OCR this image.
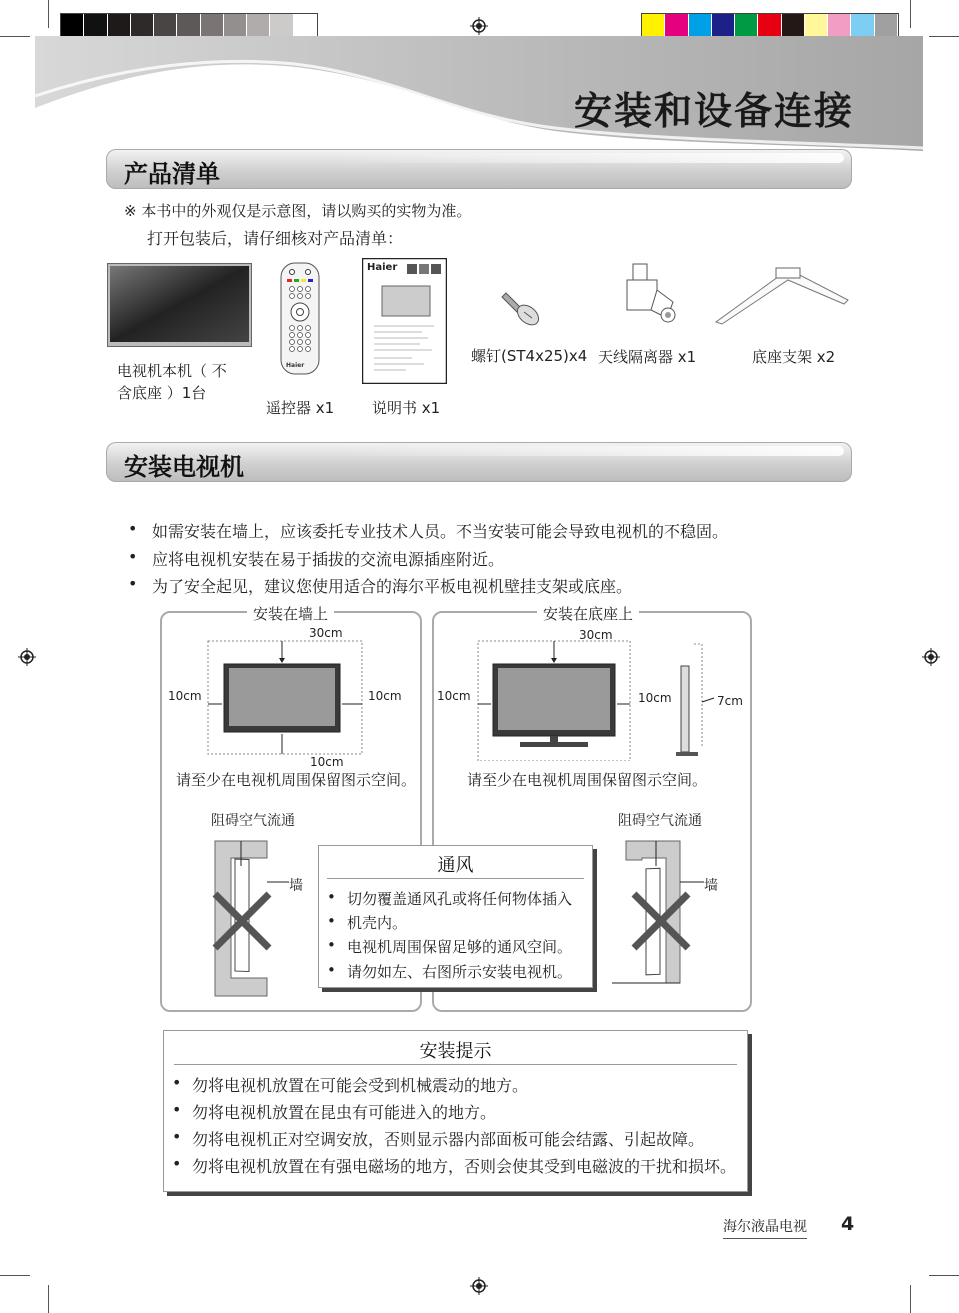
安装和设备连接
产品清单
※ 本书中的外观仅是示意图，请以购买的实物为准。
打开包装后，请仔细核对产品清单：
电视机本机（ 不
含底座 ）1台
Haier
遥控器 x1
Haier
说明书 x1
螺钉(ST4x25)x4 天线隔离器 x1	底座支架 x2
安装电视机
• 如需安装在墙上，应该委托专业技术人员。不当安装可能会导致电视机的不稳固。
• 应将电视机安装在易于插拔的交流电源插座附近。
• 为了安全起见，建议您使用适合的海尔平板电视机壁挂支架或底座。
安装在墙上	安装在底座上
30cm
10cm	10cm
10cm
请至少在电视机周围保留图示空间。
30cm
10cm	10cm	7cm
请至少在电视机周围保留图示空间。
阻碍空气流通	阻碍空气流通
墙	墙
通风
• 切勿覆盖通风孔或将任何物体插入
• 机壳内。
• 电视机周围保留足够的通风空间。
• 请勿如左、右图所示安装电视机。
安装提示
• 勿将电视机放置在可能会受到机械震动的地方。
• 勿将电视机放置在昆虫有可能进入的地方。
• 勿将电视机正对空调安放，否则显示器内部面板可能会结露、引起故障。
• 勿将电视机放置在有强电磁场的地方，否则会使其受到电磁波的干扰和损坏。
海尔液晶电视 4
